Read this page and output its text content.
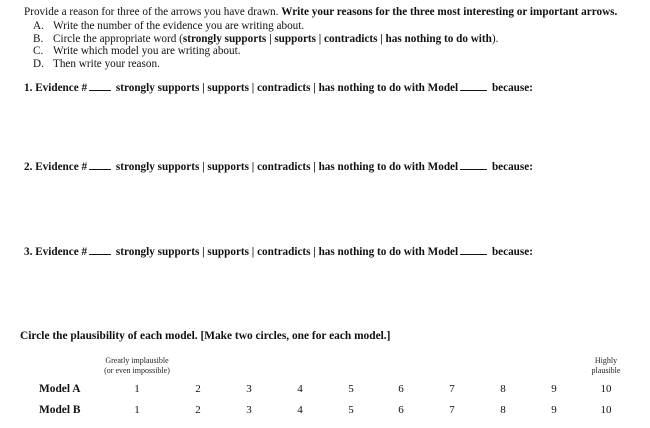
Provide a reason for three of the arrows you have drawn. Write your reasons for the three most interesting or important arrows.
A. Write the number of the evidence you are writing about.
B. Circle the appropriate word (strongly supports | supports | contradicts | has nothing to do with).
C. Write which model you are writing about.
D. Then write your reason.
1. Evidence #	strongly supports | supports | contradicts | has nothing to do with Model	because:
2. Evidence #	strongly supports | supports | contradicts | has nothing to do with Model	because:
3. Evidence #	strongly supports | supports | contradicts | has nothing to do with Model	because:
Circle the plausibility of each model. [Make two circles, one for each model.]
Greatly implausible
(or even impossible)
Highly
plausible
Model A	1	2	3	4	5	6	7	8	9	10
Model B	1	2	3	4	5	6	7	8	9	10
